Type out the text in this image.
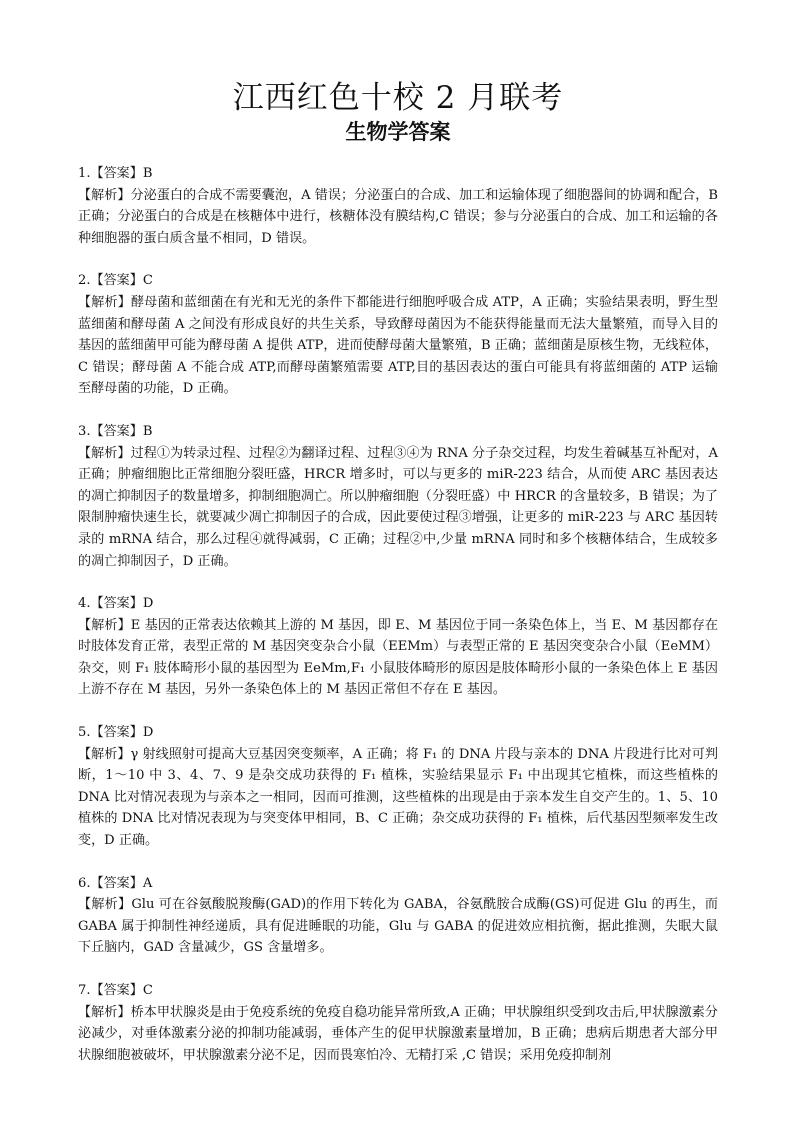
江西红色十校 2 月联考
生物学答案

1.【答案】B

【解析】分泌蛋白的合成不需要囊泡，A 错误；分泌蛋白的合成、加工和运输体现了细胞器间的协调和配合，B 正确；分泌蛋白的合成是在核糖体中进行，核糖体没有膜结构,C 错误；参与分泌蛋白的合成、加工和运输的各种细胞器的蛋白质含量不相同，D 错误。

2.【答案】C

【解析】酵母菌和蓝细菌在有光和无光的条件下都能进行细胞呼吸合成 ATP，A 正确；实验结果表明，野生型蓝细菌和酵母菌 A 之间没有形成良好的共生关系，导致酵母菌因为不能获得能量而无法大量繁殖，而导入目的基因的蓝细菌甲可能为酵母菌 A 提供 ATP，进而使酵母菌大量繁殖，B 正确；蓝细菌是原核生物，无线粒体，C 错误；酵母菌 A 不能合成 ATP,而酵母菌繁殖需要 ATP,目的基因表达的蛋白可能具有将蓝细菌的 ATP 运输至酵母菌的功能，D 正确。

3.【答案】B

【解析】过程①为转录过程、过程②为翻译过程、过程③④为 RNA 分子杂交过程，均发生着碱基互补配对，A 正确；肿瘤细胞比正常细胞分裂旺盛，HRCR 增多时，可以与更多的 miR-223 结合，从而使 ARC 基因表达的凋亡抑制因子的数量增多，抑制细胞凋亡。所以肿瘤细胞（分裂旺盛）中 HRCR 的含量较多，B 错误；为了限制肿瘤快速生长，就要减少凋亡抑制因子的合成，因此要使过程③增强，让更多的 miR-223 与 ARC 基因转录的 mRNA 结合，那么过程④就得减弱，C 正确；过程②中,少量 mRNA 同时和多个核糖体结合，生成较多的凋亡抑制因子，D 正确。

4.【答案】D

【解析】E 基因的正常表达依赖其上游的 M 基因，即 E、M 基因位于同一条染色体上，当 E、M 基因都存在时肢体发育正常，表型正常的 M 基因突变杂合小鼠（EEMm）与表型正常的 E 基因突变杂合小鼠（EeMM）杂交，则 F₁ 肢体畸形小鼠的基因型为 EeMm,F₁ 小鼠肢体畸形的原因是肢体畸形小鼠的一条染色体上 E 基因上游不存在 M 基因，另外一条染色体上的 M 基因正常但不存在 E 基因。

5.【答案】D

【解析】γ 射线照射可提高大豆基因突变频率，A 正确；将 F₁ 的 DNA 片段与亲本的 DNA 片段进行比对可判断，1～10 中 3、4、7、9 是杂交成功获得的 F₁ 植株，实验结果显示 F₁ 中出现其它植株，而这些植株的 DNA 比对情况表现为与亲本之一相同，因而可推测，这些植株的出现是由于亲本发生自交产生的。1、5、10 植株的 DNA 比对情况表现为与突变体甲相同，B、C 正确；杂交成功获得的 F₁ 植株，后代基因型频率发生改变，D 正确。

6.【答案】A

【解析】Glu 可在谷氨酸脱羧酶(GAD)的作用下转化为 GABA，谷氨酰胺合成酶(GS)可促进 Glu 的再生，而 GABA 属于抑制性神经递质，具有促进睡眠的功能，Glu 与 GABA 的促进效应相抗衡，据此推测，失眠大鼠下丘脑内，GAD 含量减少，GS 含量增多。

7.【答案】C

【解析】桥本甲状腺炎是由于免疫系统的免疫自稳功能异常所致,A 正确；甲状腺组织受到攻击后,甲状腺激素分泌减少，对垂体激素分泌的抑制功能减弱，垂体产生的促甲状腺激素量增加，B 正确；患病后期患者大部分甲状腺细胞被破坏，甲状腺激素分泌不足，因而畏寒怕冷、无精打采 ,C 错误；采用免疫抑制剂
